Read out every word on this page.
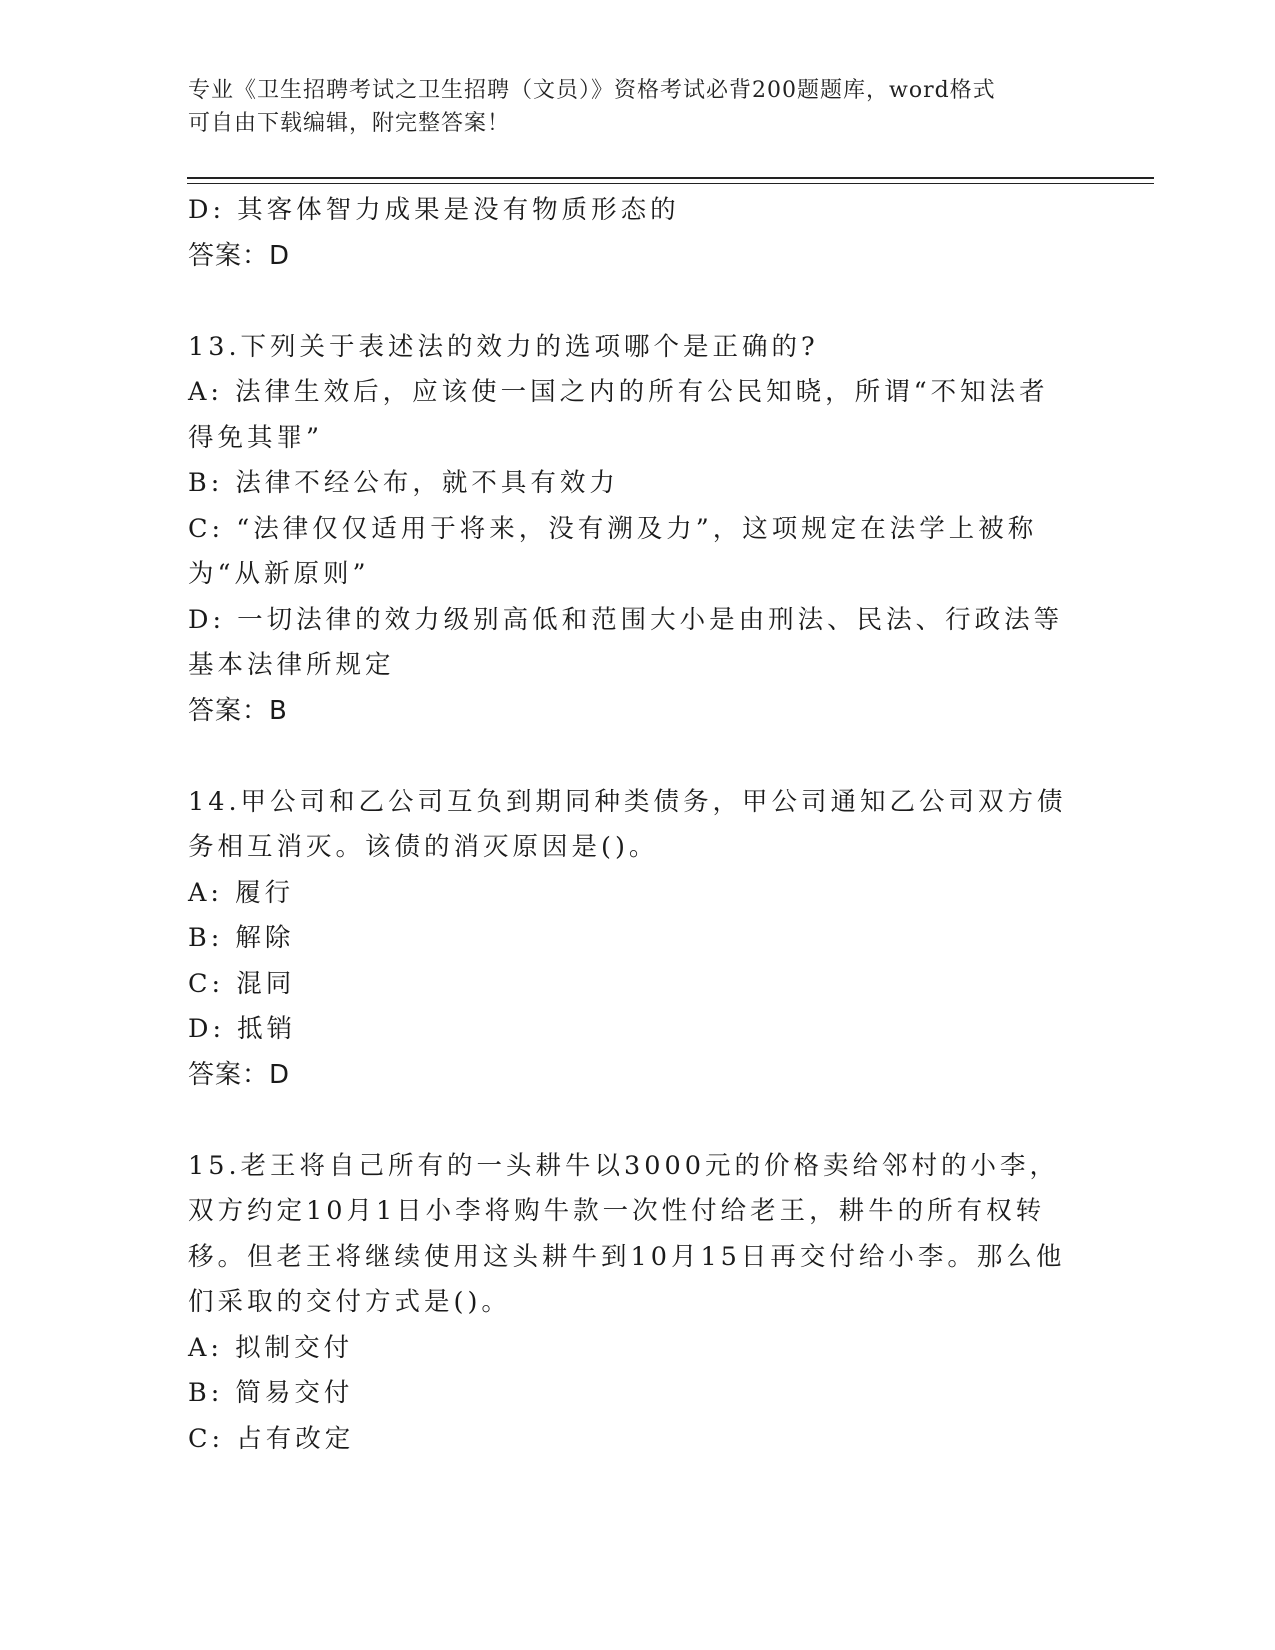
专业《卫生招聘考试之卫生招聘（文员）》资格考试必背200题题库，word格式
可自由下载编辑，附完整答案！
D: 其客体智力成果是没有物质形态的
答案：D
13.下列关于表述法的效力的选项哪个是正确的?
A: 法律生效后，应该使一国之内的所有公民知晓，所谓“不知法者得免其罪”
B: 法律不经公布，就不具有效力
C: “法律仅仅适用于将来，没有溯及力”，这项规定在法学上被称为“从新原则”
D: 一切法律的效力级别高低和范围大小是由刑法、民法、行政法等基本法律所规定
答案：B
14.甲公司和乙公司互负到期同种类债务，甲公司通知乙公司双方债务相互消灭。该债的消灭原因是()。
A: 履行
B: 解除
C: 混同
D: 抵销
答案：D
15.老王将自己所有的一头耕牛以3000元的价格卖给邻村的小李，双方约定10月1日小李将购牛款一次性付给老王，耕牛的所有权转移。但老王将继续使用这头耕牛到10月15日再交付给小李。那么他们采取的交付方式是()。
A: 拟制交付
B: 简易交付
C: 占有改定
